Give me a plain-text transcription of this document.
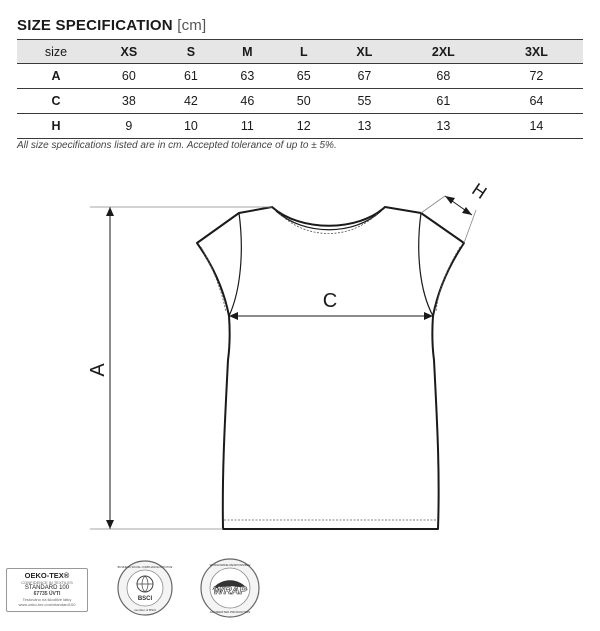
SIZE SPECIFICATION [cm]
size	XS	S	M	L	XL	2XL	3XL
A	60	61	63	65	67	68	72
C	38	42	46	50	55	61	64
H	9	10	11	12	13	13	14
All size specifications listed are in cm. Accepted tolerance of up to ± 5%.
A
C
H
OEKO-TEX®
CONFIDENCE IN TEXTILES
STANDARD 100
67735 ÚVTI
Testováno na škodlivé látky
www.oeko-tex.com/standard100
BSCI
BUSINESS SOCIAL COMPLIANCE INITIATIVE
member of BSCI
WRAP
WORLDWIDE RESPONSIBLE
ACCREDITED PRODUCTION
